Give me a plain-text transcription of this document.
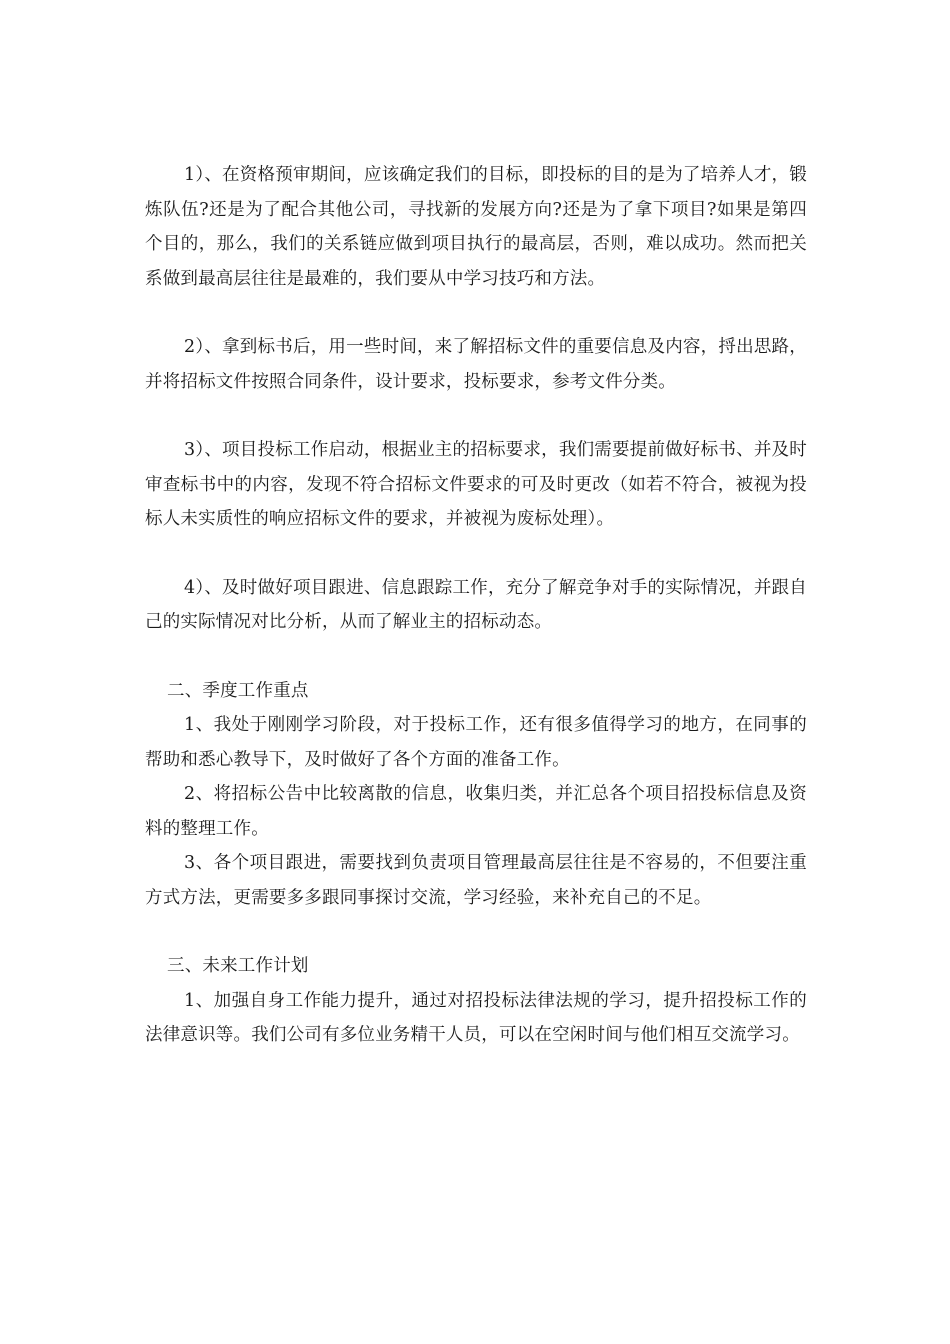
1）、在资格预审期间，应该确定我们的目标，即投标的目的是为了培养人才，锻炼队伍?还是为了配合其他公司，寻找新的发展方向?还是为了拿下项目?如果是第四个目的，那么，我们的关系链应做到项目执行的最高层，否则，难以成功。然而把关系做到最高层往往是最难的，我们要从中学习技巧和方法。

2）、拿到标书后，用一些时间，来了解招标文件的重要信息及内容，捋出思路，并将招标文件按照合同条件，设计要求，投标要求，参考文件分类。

3）、项目投标工作启动，根据业主的招标要求，我们需要提前做好标书、并及时审查标书中的内容，发现不符合招标文件要求的可及时更改（如若不符合，被视为投标人未实质性的响应招标文件的要求，并被视为废标处理）。

4）、及时做好项目跟进、信息跟踪工作，充分了解竞争对手的实际情况，并跟自己的实际情况对比分析，从而了解业主的招标动态。

二、季度工作重点

1、我处于刚刚学习阶段，对于投标工作，还有很多值得学习的地方，在同事的帮助和悉心教导下，及时做好了各个方面的准备工作。

2、将招标公告中比较离散的信息，收集归类，并汇总各个项目招投标信息及资料的整理工作。

3、各个项目跟进，需要找到负责项目管理最高层往往是不容易的，不但要注重方式方法，更需要多多跟同事探讨交流，学习经验，来补充自己的不足。

三、未来工作计划

1、加强自身工作能力提升，通过对招投标法律法规的学习，提升招投标工作的法律意识等。我们公司有多位业务精干人员，可以在空闲时间与他们相互交流学习。
